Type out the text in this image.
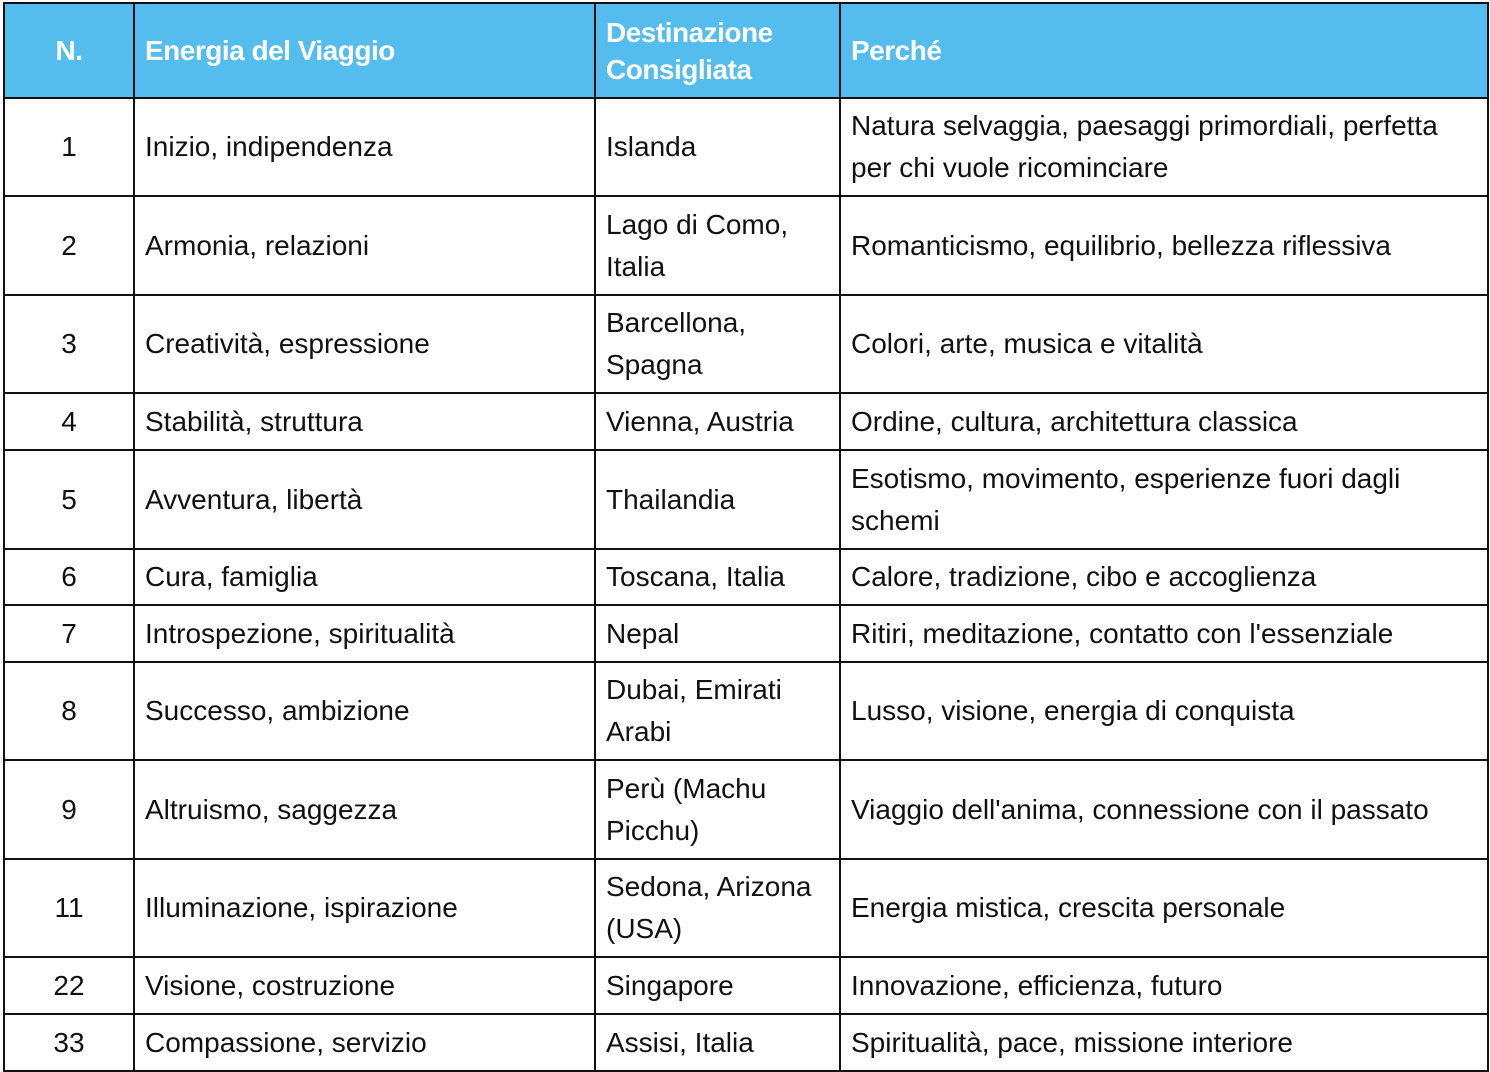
N.	Energia del Viaggio	Destinazione Consigliata	Perché
1	Inizio, indipendenza	Islanda	Natura selvaggia, paesaggi primordiali, perfetta per chi vuole ricominciare
2	Armonia, relazioni	Lago di Como, Italia	Romanticismo, equilibrio, bellezza riflessiva
3	Creatività, espressione	Barcellona, Spagna	Colori, arte, musica e vitalità
4	Stabilità, struttura	Vienna, Austria	Ordine, cultura, architettura classica
5	Avventura, libertà	Thailandia	Esotismo, movimento, esperienze fuori dagli schemi
6	Cura, famiglia	Toscana, Italia	Calore, tradizione, cibo e accoglienza
7	Introspezione, spiritualità	Nepal	Ritiri, meditazione, contatto con l'essenziale
8	Successo, ambizione	Dubai, Emirati Arabi	Lusso, visione, energia di conquista
9	Altruismo, saggezza	Perù (Machu Picchu)	Viaggio dell'anima, connessione con il passato
11	Illuminazione, ispirazione	Sedona, Arizona (USA)	Energia mistica, crescita personale
22	Visione, costruzione	Singapore	Innovazione, efficienza, futuro
33	Compassione, servizio	Assisi, Italia	Spiritualità, pace, missione interiore
